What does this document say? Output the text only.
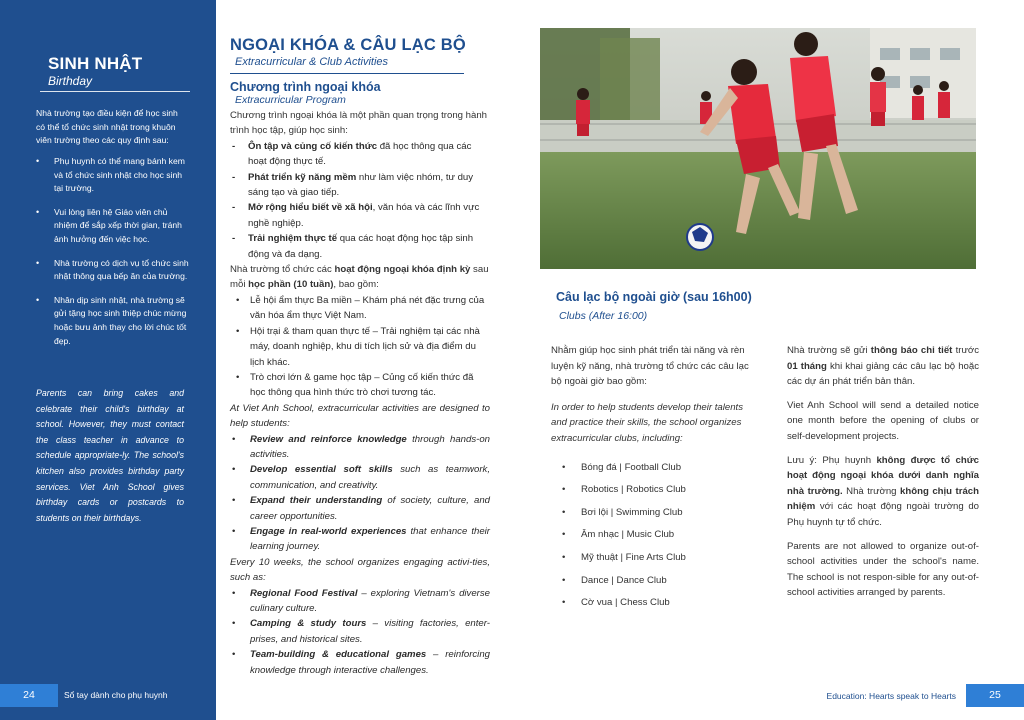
SINH NHẬT
Birthday
Nhà trường tạo điều kiện để học sinh có thể tổ chức sinh nhật trong khuôn viên trường theo các quy định sau:
• Phụ huynh có thể mang bánh kem và tổ chức sinh nhật cho học sinh tại trường.
• Vui lòng liên hệ Giáo viên chủ nhiệm để sắp xếp thời gian, tránh ảnh hưởng đến việc học.
• Nhà trường có dịch vụ tổ chức sinh nhật thông qua bếp ăn của trường.
• Nhân dịp sinh nhật, nhà trường sẽ gửi tặng học sinh thiệp chúc mừng hoặc bưu ảnh thay cho lời chúc tốt đẹp.
Parents can bring cakes and celebrate their child's birthday at school. However, they must contact the class teacher in advance to schedule appropriate-ly. The school's kitchen also provides birthday party services. Viet Anh School gives birthday cards or postcards to students on their birthdays.
24	Sổ tay dành cho phụ huynh	Education: Hearts speak to Hearts	25
NGOẠI KHÓA & CÂU LẠC BỘ
Extracurricular & Club Activities
Chương trình ngoại khóa
Extracurricular Program
Chương trình ngoại khóa là một phần quan trọng trong hành trình học tập, giúp học sinh:
- Ôn tập và củng cố kiến thức đã học thông qua các hoạt động thực tế.
- Phát triển kỹ năng mềm như làm việc nhóm, tư duy sáng tạo và giao tiếp.
- Mở rộng hiểu biết về xã hội, văn hóa và các lĩnh vực nghề nghiệp.
- Trải nghiệm thực tế qua các hoạt động học tập sinh động và đa dạng.
Nhà trường tổ chức các hoạt động ngoại khóa định kỳ sau mỗi học phần (10 tuần), bao gồm:
• Lễ hội ẩm thực Ba miền – Khám phá nét đặc trưng của văn hóa ẩm thực Việt Nam.
• Hội trại & tham quan thực tế – Trải nghiệm tại các nhà máy, doanh nghiệp, khu di tích lịch sử và địa điểm du lịch khác.
• Trò chơi lớn & game học tập – Củng cố kiến thức đã học thông qua hình thức trò chơi tương tác.
At Viet Anh School, extracurricular activities are designed to help students:
• Review and reinforce knowledge through hands-on activities.
• Develop essential soft skills such as teamwork, communication, and creativity.
• Expand their understanding of society, culture, and career opportunities.
• Engage in real-world experiences that enhance their learning journey.
Every 10 weeks, the school organizes engaging activi-ties, such as:
• Regional Food Festival – exploring Vietnam's diverse culinary culture.
• Camping & study tours – visiting factories, enter-prises, and historical sites.
• Team-building & educational games – reinforcing knowledge through interactive challenges.
Câu lạc bộ ngoài giờ (sau 16h00)
Clubs (After 16:00)
Nhằm giúp học sinh phát triển tài năng và rèn luyện kỹ năng, nhà trường tổ chức các câu lạc bộ ngoài giờ bao gồm:
In order to help students develop their talents and practice their skills, the school organizes extracurricular clubs, including:
• Bóng đá | Football Club
• Robotics | Robotics Club
• Bơi lội | Swimming Club
• Âm nhạc | Music Club
• Mỹ thuật | Fine Arts Club
• Dance | Dance Club
• Cờ vua | Chess Club

Nhà trường sẽ gửi thông báo chi tiết trước 01 tháng khi khai giảng các câu lạc bộ hoặc các dự án phát triển bản thân.

Viet Anh School will send a detailed notice one month before the opening of clubs or self-development projects.

Lưu ý: Phụ huynh không được tổ chức hoạt động ngoại khóa dưới danh nghĩa nhà trường. Nhà trường không chịu trách nhiệm với các hoạt động ngoài trường do Phụ huynh tự tổ chức.

Parents are not allowed to organize out-of-school activities under the school's name. The school is not respon-sible for any out-of-school activities arranged by parents.
